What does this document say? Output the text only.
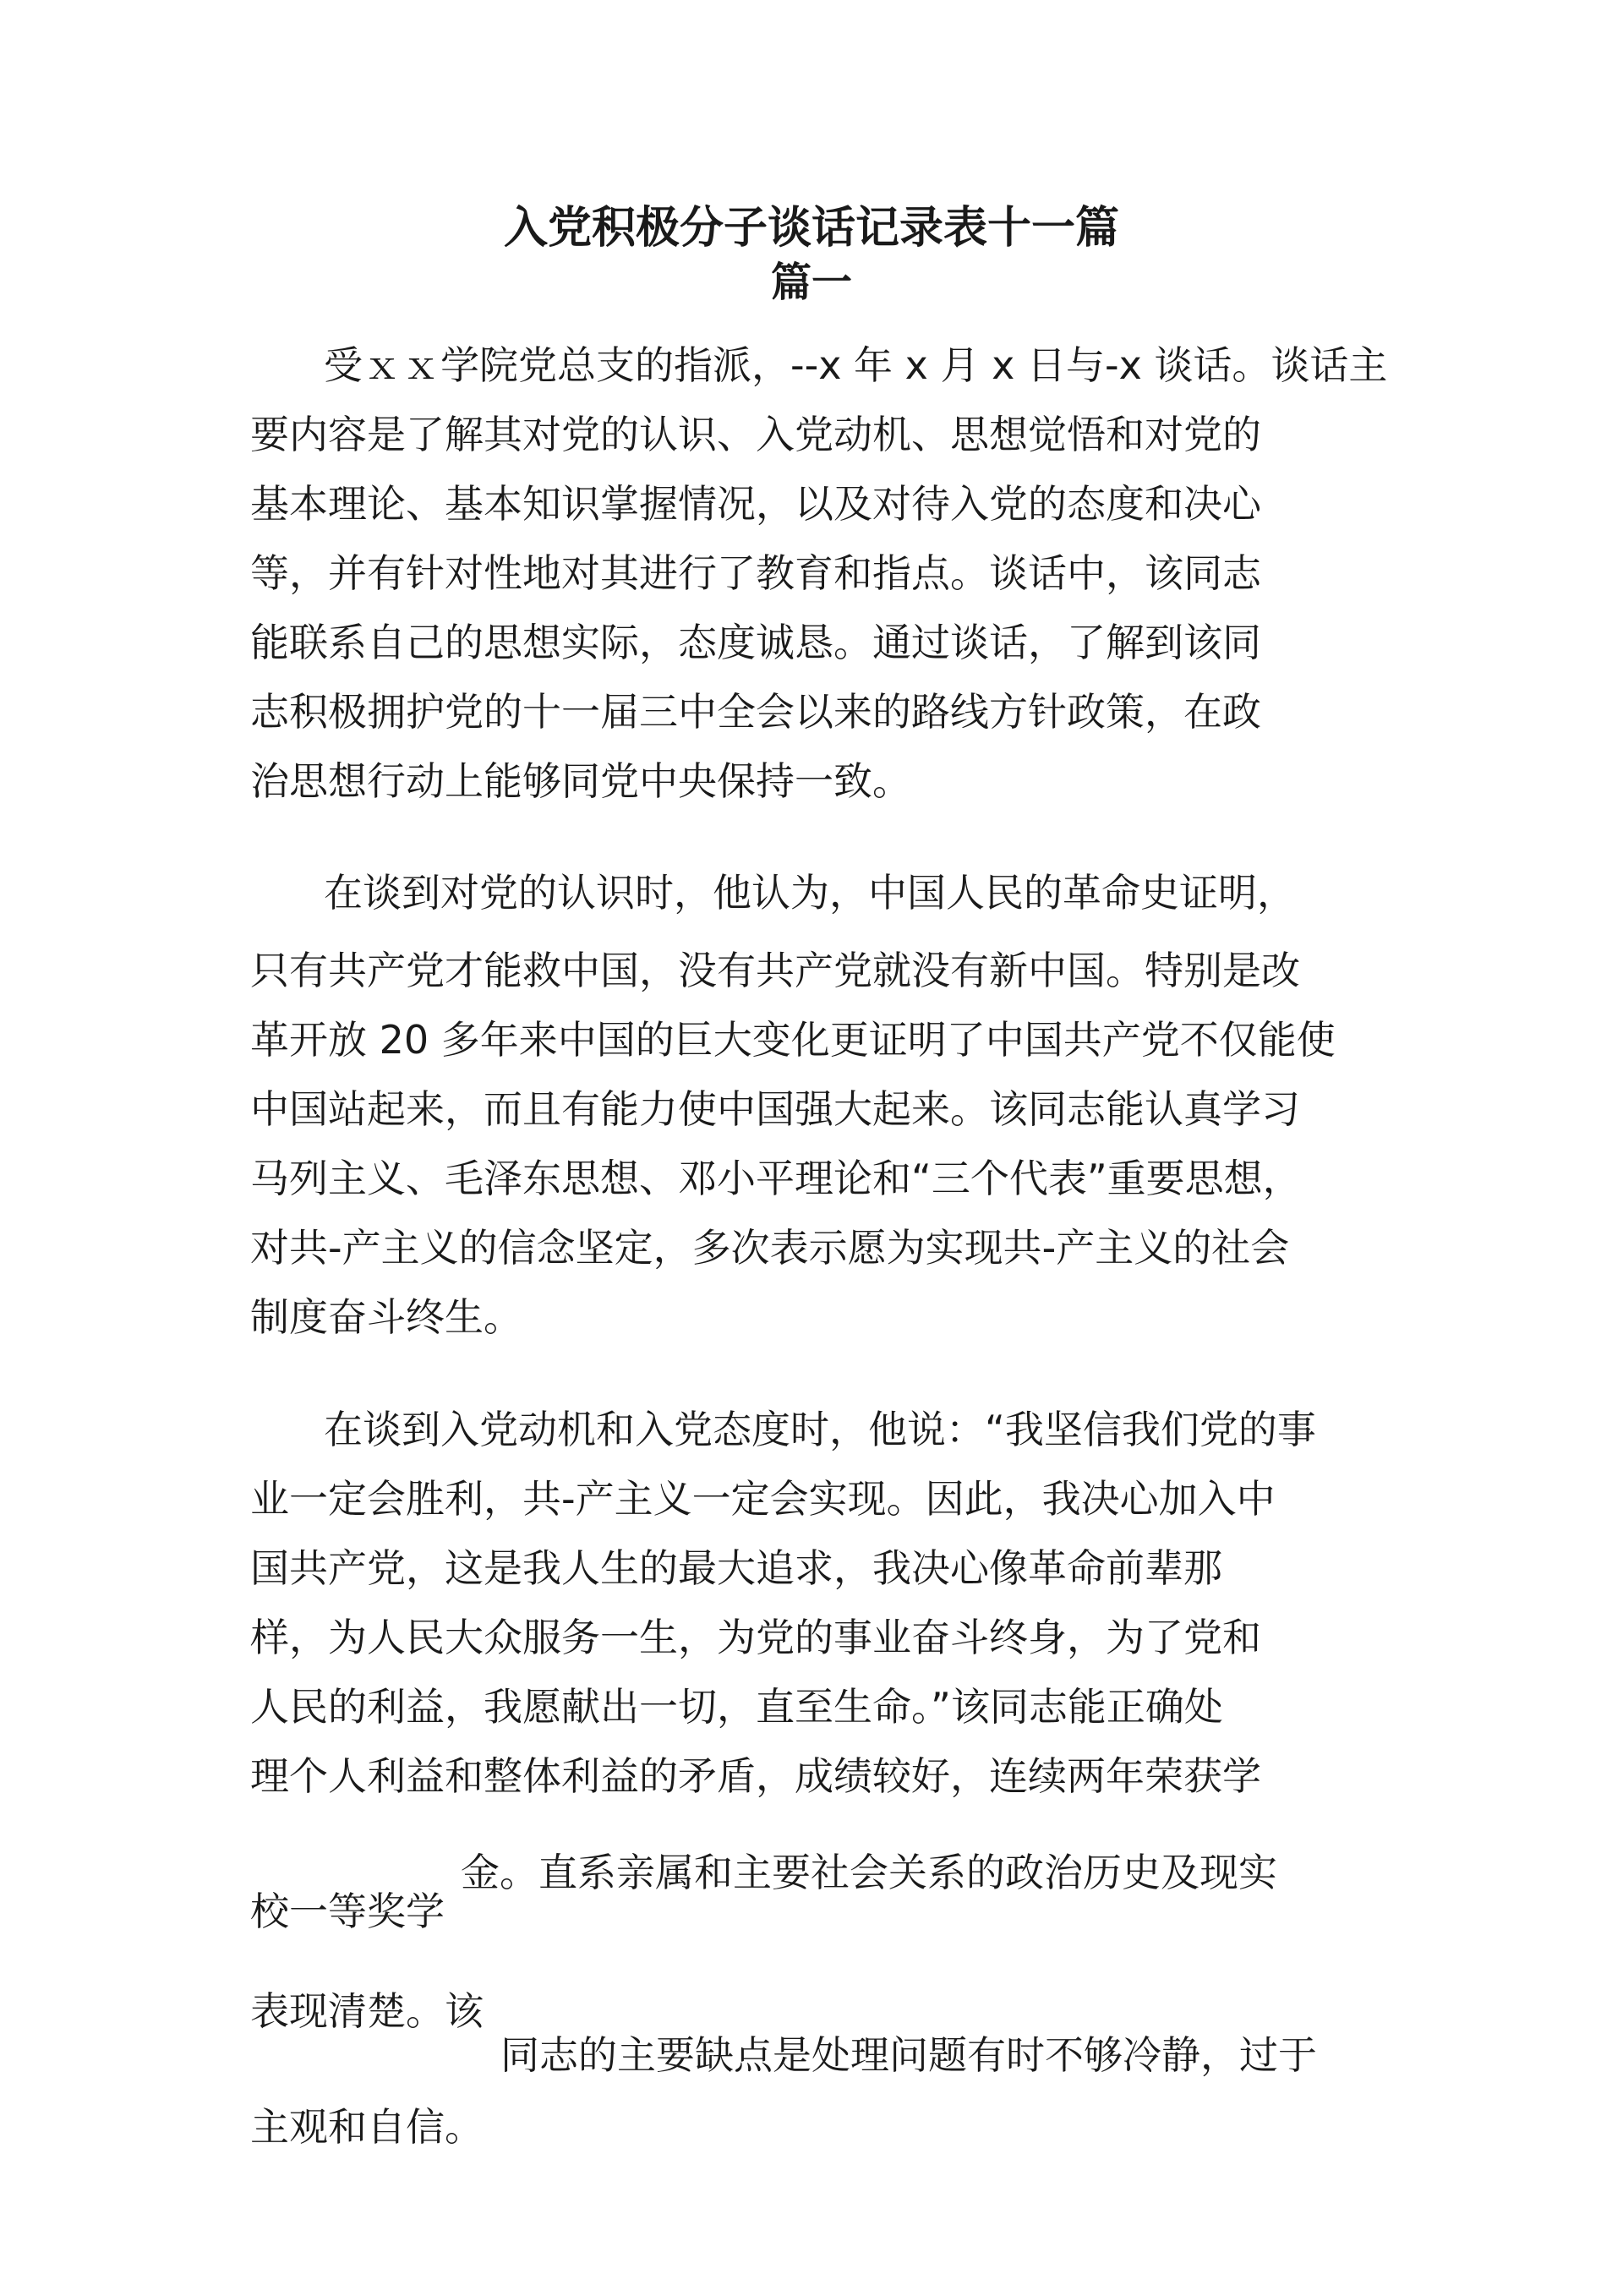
入党积极分子谈话记录表十一篇
篇一

受ｘｘ学院党总支的指派，--x 年 x 月 x 日与-x 谈话。谈话主

要内容是了解其对党的认识、入党动机、思想觉悟和对党的

基本理论、基本知识掌握情况，以及对待入党的态度和决心

等，并有针对性地对其进行了教育和指点。谈话中，该同志

能联系自己的思想实际，态度诚恳。通过谈话，了解到该同

志积极拥护党的十一届三中全会以来的路线方针政策，在政

治思想行动上能够同党中央保持一致。

在谈到对党的认识时，他认为，中国人民的革命史证明，

只有共产党才能救中国，没有共产党就没有新中国。特别是改

革开放 20 多年来中国的巨大变化更证明了中国共产党不仅能使

中国站起来，而且有能力使中国强大起来。该同志能认真学习

马列主义、毛泽东思想、邓小平理论和“三个代表”重要思想，

对共-产主义的信念坚定，多次表示愿为实现共-产主义的社会

制度奋斗终生。

在谈到入党动机和入党态度时，他说：“我坚信我们党的事

业一定会胜利，共-产主义一定会实现。因此，我决心加入中

国共产党，这是我人生的最大追求，我决心像革命前辈那

样，为人民大众服务一生，为党的事业奋斗终身，为了党和

人民的利益，我愿献出一切，直至生命。”该同志能正确处

理个人利益和整体利益的矛盾，成绩较好，连续两年荣获学

金。直系亲属和主要社会关系的政治历史及现实

校一等奖学

表现清楚。该

同志的主要缺点是处理问题有时不够冷静，过于

主观和自信。
